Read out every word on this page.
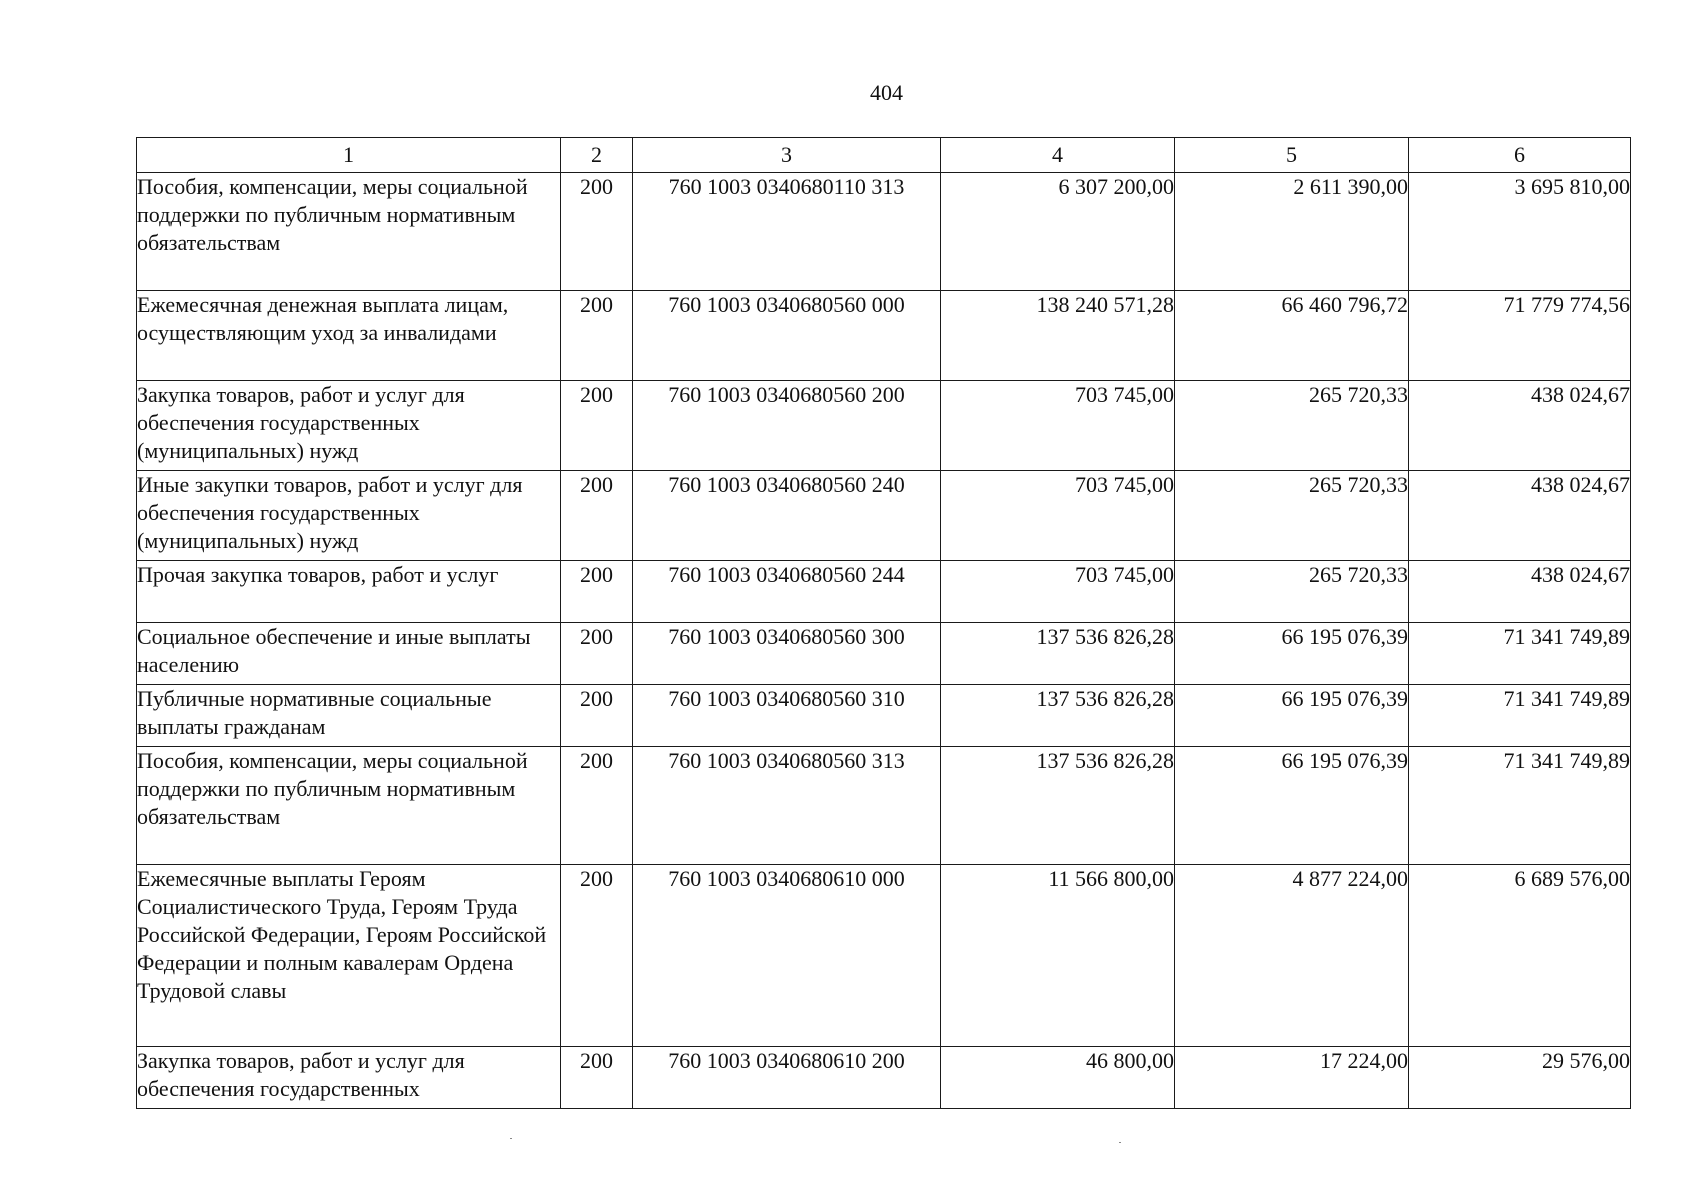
404
1	2	3	4	5	6
Пособия, компенсации, меры социальной поддержки по публичным нормативным обязательствам	200	760 1003 0340680110 313	6 307 200,00	2 611 390,00	3 695 810,00
Ежемесячная денежная выплата лицам, осуществляющим уход за инвалидами	200	760 1003 0340680560 000	138 240 571,28	66 460 796,72	71 779 774,56
Закупка товаров, работ и услуг для обеспечения государственных (муниципальных) нужд	200	760 1003 0340680560 200	703 745,00	265 720,33	438 024,67
Иные закупки товаров, работ и услуг для обеспечения государственных (муниципальных) нужд	200	760 1003 0340680560 240	703 745,00	265 720,33	438 024,67
Прочая закупка товаров, работ и услуг	200	760 1003 0340680560 244	703 745,00	265 720,33	438 024,67
Социальное обеспечение и иные выплаты населению	200	760 1003 0340680560 300	137 536 826,28	66 195 076,39	71 341 749,89
Публичные нормативные социальные выплаты гражданам	200	760 1003 0340680560 310	137 536 826,28	66 195 076,39	71 341 749,89
Пособия, компенсации, меры социальной поддержки по публичным нормативным обязательствам	200	760 1003 0340680560 313	137 536 826,28	66 195 076,39	71 341 749,89
Ежемесячные выплаты Героям Социалистического Труда, Героям Труда Российской Федерации, Героям Российской Федерации и полным кавалерам Ордена Трудовой славы	200	760 1003 0340680610 000	11 566 800,00	4 877 224,00	6 689 576,00
Закупка товаров, работ и услуг для обеспечения государственных	200	760 1003 0340680610 200	46 800,00	17 224,00	29 576,00
